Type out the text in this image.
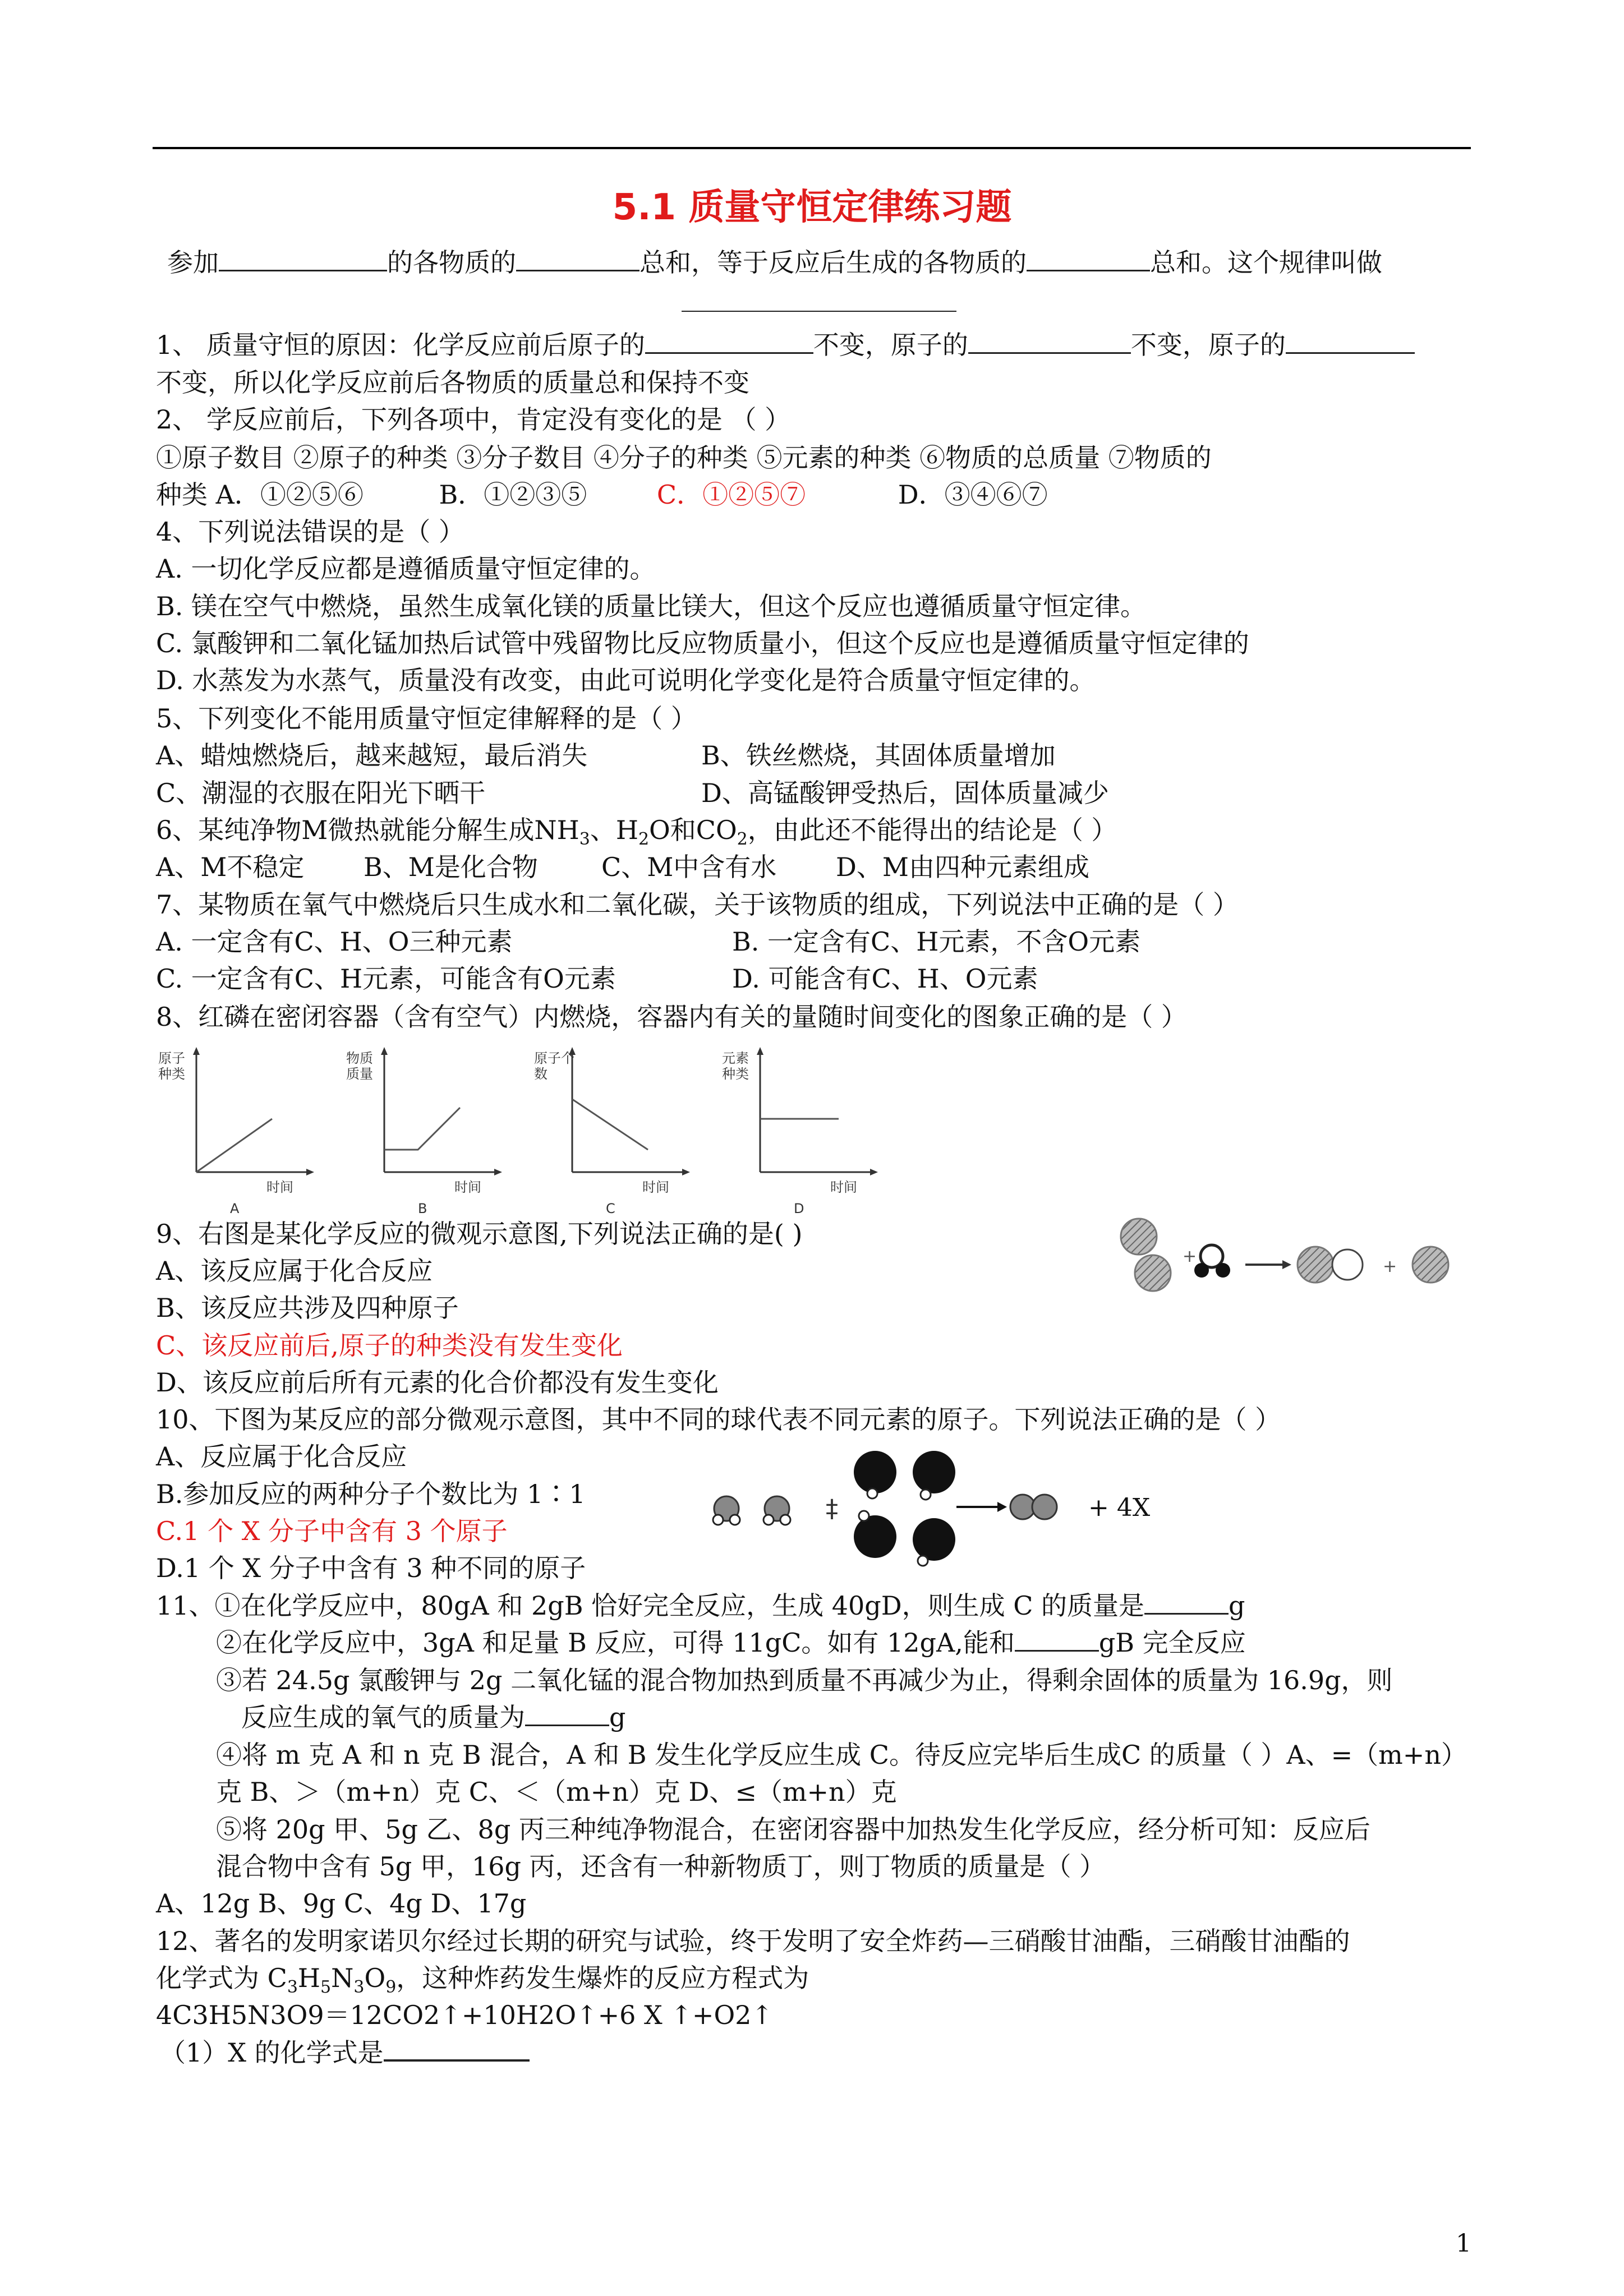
5.1 质量守恒定律练习题
参加	的各物质的	总和，等于反应后生成的各物质的	总和。这个规律叫做
1、 质量守恒的原因：化学反应前后原子的	不变，原子的	不变，原子的
不变，所以化学反应前后各物质的质量总和保持不变
2、 学反应前后，下列各项中，肯定没有变化的是 （ ）
①原子数目 ②原子的种类 ③分子数目 ④分子的种类 ⑤元素的种类 ⑥物质的总质量 ⑦物质的
种类 A．①②⑤⑥	B．①②③⑤	C．①②⑤⑦	D．③④⑥⑦
4、下列说法错误的是（ ）
A. 一切化学反应都是遵循质量守恒定律的。
B. 镁在空气中燃烧，虽然生成氧化镁的质量比镁大，但这个反应也遵循质量守恒定律。
C. 氯酸钾和二氧化锰加热后试管中残留物比反应物质量小，但这个反应也是遵循质量守恒定律的
D. 水蒸发为水蒸气，质量没有改变，由此可说明化学变化是符合质量守恒定律的。
5、下列变化不能用质量守恒定律解释的是（ ）
A、蜡烛燃烧后，越来越短，最后消失	B、铁丝燃烧，其固体质量增加
C、潮湿的衣服在阳光下晒干	D、高锰酸钾受热后，固体质量减少
6、某纯净物M微热就能分解生成$NH_3$、$H_2O$和$CO_2$，由此还不能得出的结论是（ ）
A、M不稳定 B、M是化合物 C、M中含有水 D、M由四种元素组成
7、某物质在氧气中燃烧后只生成水和二氧化碳，关于该物质的组成，下列说法中正确的是（ ）
A. 一定含有C、H、O三种元素	B. 一定含有C、H元素，不含O元素
C. 一定含有C、H元素，可能含有O元素	D. 可能含有C、H、O元素
8、红磷在密闭容器（含有空气）内燃烧，容器内有关的量随时间变化的图象正确的是（ ）
原子
种类
时间
A
物质
质量
时间
B
原子个
数
时间
C
元素
种类
时间
D
9、右图是某化学反应的微观示意图,下列说法正确的是( )
A、该反应属于化合反应
B、该反应共涉及四种原子
C、该反应前后,原子的种类没有发生变化
D、该反应前后所有元素的化合价都没有发生变化
+
+
10、下图为某反应的部分微观示意图，其中不同的球代表不同元素的原子。下列说法正确的是（ ）
A、反应属于化合反应
B.参加反应的两种分子个数比为 1∶1
C.1 个 X 分子中含有 3 个原子
D.1 个 X 分子中含有 3 种不同的原子
‡	+ 4X
11、①在化学反应中，80gA 和 2gB 恰好完全反应，生成 40gD，则生成 C 的质量是	g
②在化学反应中，3gA 和足量 B 反应，可得 11gC。如有 12gA,能和	gB 完全反应
③若 24.5g 氯酸钾与 2g 二氧化锰的混合物加热到质量不再减少为止，得剩余固体的质量为 16.9g，则
反应生成的氧气的质量为	g
④将 m 克 A 和 n 克 B 混合，A 和 B 发生化学反应生成 C。待反应完毕后生成C 的质量（ ）A、=（m+n）
克 B、＞（m+n）克 C、＜（m+n）克 D、≤（m+n）克
⑤将 20g 甲、5g 乙、8g 丙三种纯净物混合，在密闭容器中加热发生化学反应，经分析可知：反应后
混合物中含有 5g 甲，16g 丙，还含有一种新物质丁，则丁物质的质量是（ ）
A、12g B、9g C、4g D、17g
12、著名的发明家诺贝尔经过长期的研究与试验，终于发明了安全炸药—三硝酸甘油酯，三硝酸甘油酯的
化学式为 $C_3H_5N_3O_9$，这种炸药发生爆炸的反应方程式为
4C3H5N3O9＝12CO2↑+10H2O↑+6 X ↑+O2↑
（1）X 的化学式是
1
